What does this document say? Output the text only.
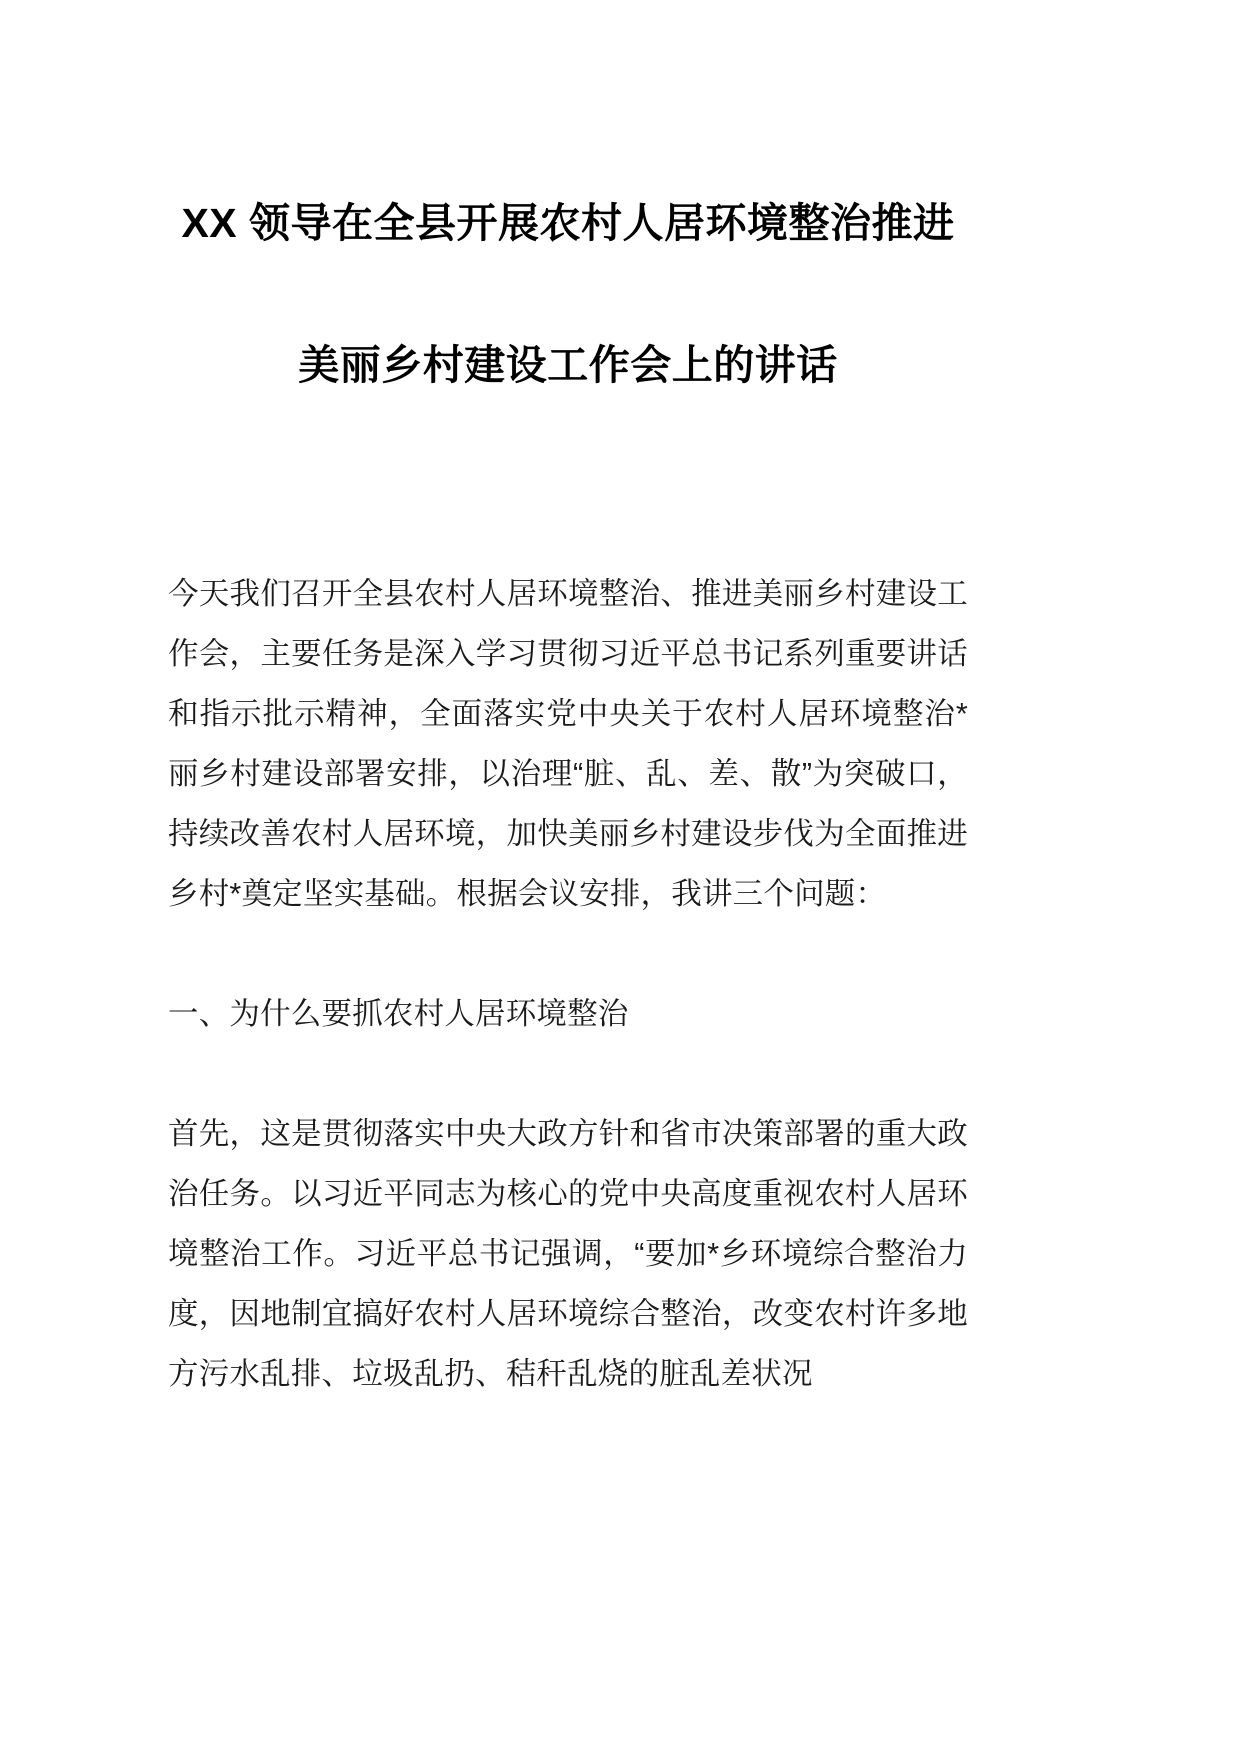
XX 领导在全县开展农村人居环境整治推进
美丽乡村建设工作会上的讲话

今天我们召开全县农村人居环境整治、推进美丽乡村建设工作会，主要任务是深入学习贯彻习近平总书记系列重要讲话和指示批示精神，全面落实党中央关于农村人居环境整治*丽乡村建设部署安排，以治理“脏、乱、差、散”为突破口，持续改善农村人居环境，加快美丽乡村建设步伐为全面推进乡村*奠定坚实基础。根据会议安排，我讲三个问题：

一、为什么要抓农村人居环境整治

首先，这是贯彻落实中央大政方针和省市决策部署的重大政治任务。以习近平同志为核心的党中央高度重视农村人居环境整治工作。习近平总书记强调，“要加*乡环境综合整治力度，因地制宜搞好农村人居环境综合整治，改变农村许多地方污水乱排、垃圾乱扔、秸秆乱烧的脏乱差状况
